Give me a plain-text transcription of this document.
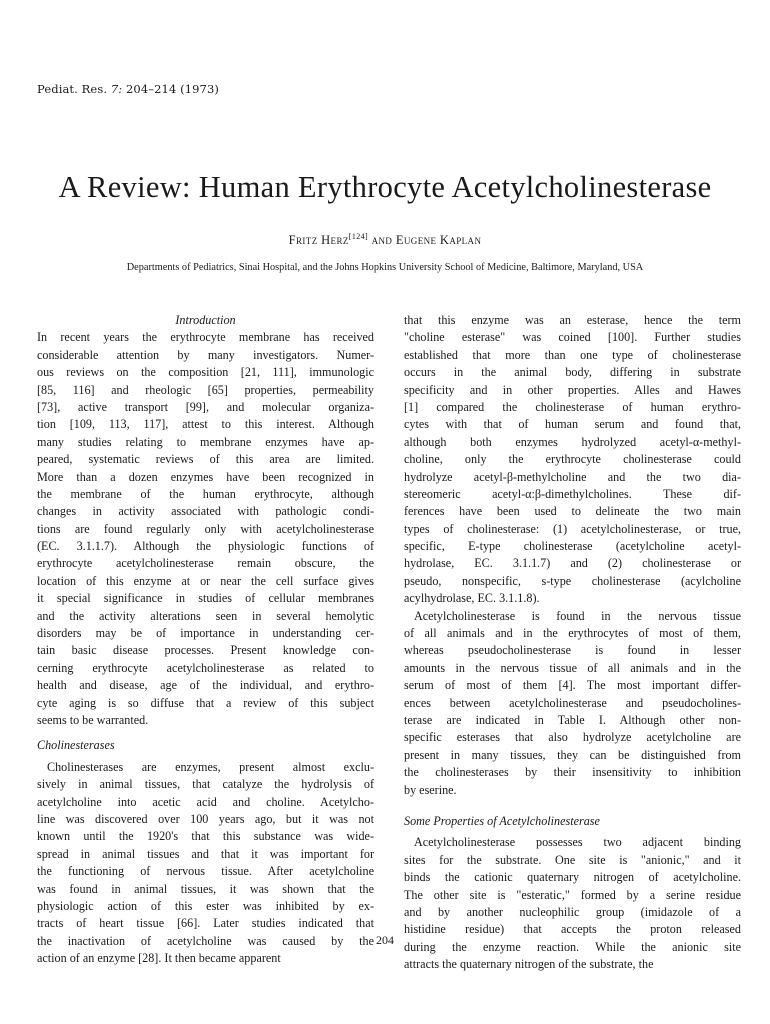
Pediat. Res. 7: 204–214 (1973)
A Review: Human Erythrocyte Acetylcholinesterase
Fritz Herz[124] and Eugene Kaplan
Departments of Pediatrics, Sinai Hospital, and the Johns Hopkins University School of Medicine, Baltimore, Maryland, USA
Introduction
In recent years the erythrocyte membrane has received
considerable attention by many investigators. Numer-
ous reviews on the composition [21, 111], immunologic
[85, 116] and rheologic [65] properties, permeability
[73], active transport [99], and molecular organiza-
tion [109, 113, 117], attest to this interest. Although
many studies relating to membrane enzymes have ap-
peared, systematic reviews of this area are limited.
More than a dozen enzymes have been recognized in
the membrane of the human erythrocyte, although
changes in activity associated with pathologic condi-
tions are found regularly only with acetylcholinesterase
(EC. 3.1.1.7). Although the physiologic functions of
erythrocyte acetylcholinesterase remain obscure, the
location of this enzyme at or near the cell surface gives
it special significance in studies of cellular membranes
and the activity alterations seen in several hemolytic
disorders may be of importance in understanding cer-
tain basic disease processes. Present knowledge con-
cerning erythrocyte acetylcholinesterase as related to
health and disease, age of the individual, and erythro-
cyte aging is so diffuse that a review of this subject
seems to be warranted.
Cholinesterases
Cholinesterases are enzymes, present almost exclu-
sively in animal tissues, that catalyze the hydrolysis of
acetylcholine into acetic acid and choline. Acetylcho-
line was discovered over 100 years ago, but it was not
known until the 1920's that this substance was wide-
spread in animal tissues and that it was important for
the functioning of nervous tissue. After acetylcholine
was found in animal tissues, it was shown that the
physiologic action of this ester was inhibited by ex-
tracts of heart tissue [66]. Later studies indicated that
the inactivation of acetylcholine was caused by the
action of an enzyme [28]. It then became apparent
that this enzyme was an esterase, hence the term
"choline esterase" was coined [100]. Further studies
established that more than one type of cholinesterase
occurs in the animal body, differing in substrate
specificity and in other properties. Alles and Hawes
[1] compared the cholinesterase of human erythro-
cytes with that of human serum and found that,
although both enzymes hydrolyzed acetyl-α-methyl-
choline, only the erythrocyte cholinesterase could
hydrolyze acetyl-β-methylcholine and the two dia-
stereomeric acetyl-α:β-dimethylcholines. These dif-
ferences have been used to delineate the two main
types of cholinesterase: (1) acetylcholinesterase, or true,
specific, E-type cholinesterase (acetylcholine acetyl-
hydrolase, EC. 3.1.1.7) and (2) cholinesterase or
pseudo, nonspecific, s-type cholinesterase (acylcholine
acylhydrolase, EC. 3.1.1.8).
Acetylcholinesterase is found in the nervous tissue
of all animals and in the erythrocytes of most of them,
whereas pseudocholinesterase is found in lesser
amounts in the nervous tissue of all animals and in the
serum of most of them [4]. The most important differ-
ences between acetylcholinesterase and pseudocholines-
terase are indicated in Table I. Although other non-
specific esterases that also hydrolyze acetylcholine are
present in many tissues, they can be distinguished from
the cholinesterases by their insensitivity to inhibition
by eserine.
Some Properties of Acetylcholinesterase
Acetylcholinesterase possesses two adjacent binding
sites for the substrate. One site is "anionic," and it
binds the cationic quaternary nitrogen of acetylcholine.
The other site is "esteratic," formed by a serine residue
and by another nucleophilic group (imidazole of a
histidine residue) that accepts the proton released
during the enzyme reaction. While the anionic site
attracts the quaternary nitrogen of the substrate, the
204
